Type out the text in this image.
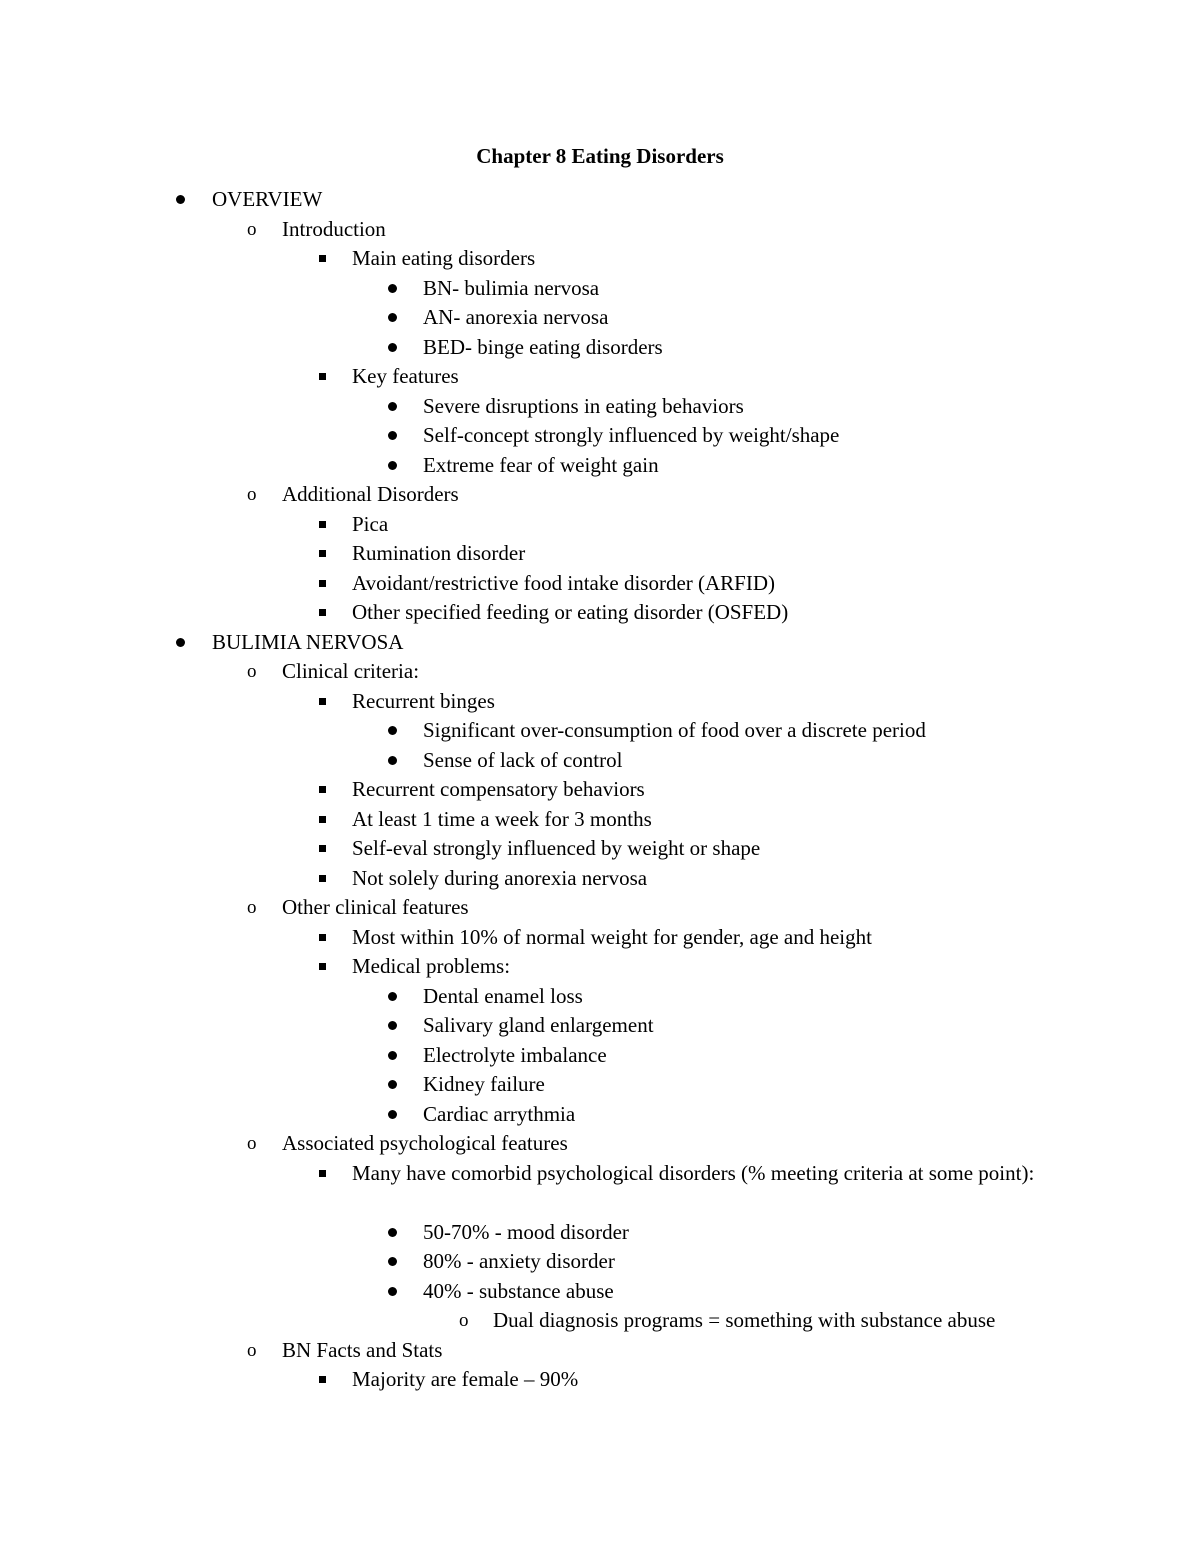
Chapter 8 Eating Disorders
OVERVIEW
o Introduction
Main eating disorders
BN- bulimia nervosa
AN- anorexia nervosa
BED- binge eating disorders
Key features
Severe disruptions in eating behaviors
Self-concept strongly influenced by weight/shape
Extreme fear of weight gain
o Additional Disorders
Pica
Rumination disorder
Avoidant/restrictive food intake disorder (ARFID)
Other specified feeding or eating disorder (OSFED)
BULIMIA NERVOSA
o Clinical criteria:
Recurrent binges
Significant over-consumption of food over a discrete period
Sense of lack of control
Recurrent compensatory behaviors
At least 1 time a week for 3 months
Self-eval strongly influenced by weight or shape
Not solely during anorexia nervosa
o Other clinical features
Most within 10% of normal weight for gender, age and height
Medical problems:
Dental enamel loss
Salivary gland enlargement
Electrolyte imbalance
Kidney failure
Cardiac arrythmia
o Associated psychological features
Many have comorbid psychological disorders (% meeting criteria at some point):
50-70% - mood disorder
80% - anxiety disorder
40% - substance abuse
o Dual diagnosis programs = something with substance abuse
o BN Facts and Stats
Majority are female – 90%
